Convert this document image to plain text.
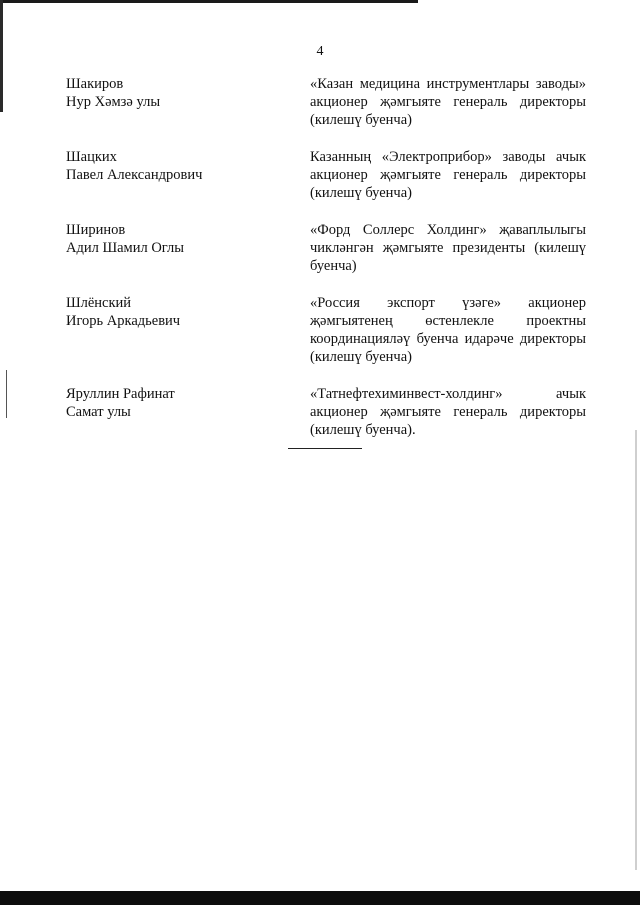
4
Шакиров
Нур Хәмзә улы
«Казан медицина инструментлары заводы» акционер җәмгыяте генераль директоры (килешү буенча)
Шацких
Павел Александрович
Казанның «Электроприбор» заводы ачык акционер җәмгыяте генераль директоры (килешү буенча)
Ширинов
Адил Шамил Оглы
«Форд Соллерс Холдинг» җаваплылыгы чикләнгән җәмгыяте президенты (килешү буенча)
Шлёнский
Игорь Аркадьевич
«Россия экспорт үзәге» акционер җәмгыятенең өстенлекле проектны координацияләү буенча идарәче директоры (килешү буенча)
Яруллин Рафинат
Самат улы
«Татнефтехиминвест-холдинг» ачык акционер җәмгыяте генераль директоры (килешү буенча).
